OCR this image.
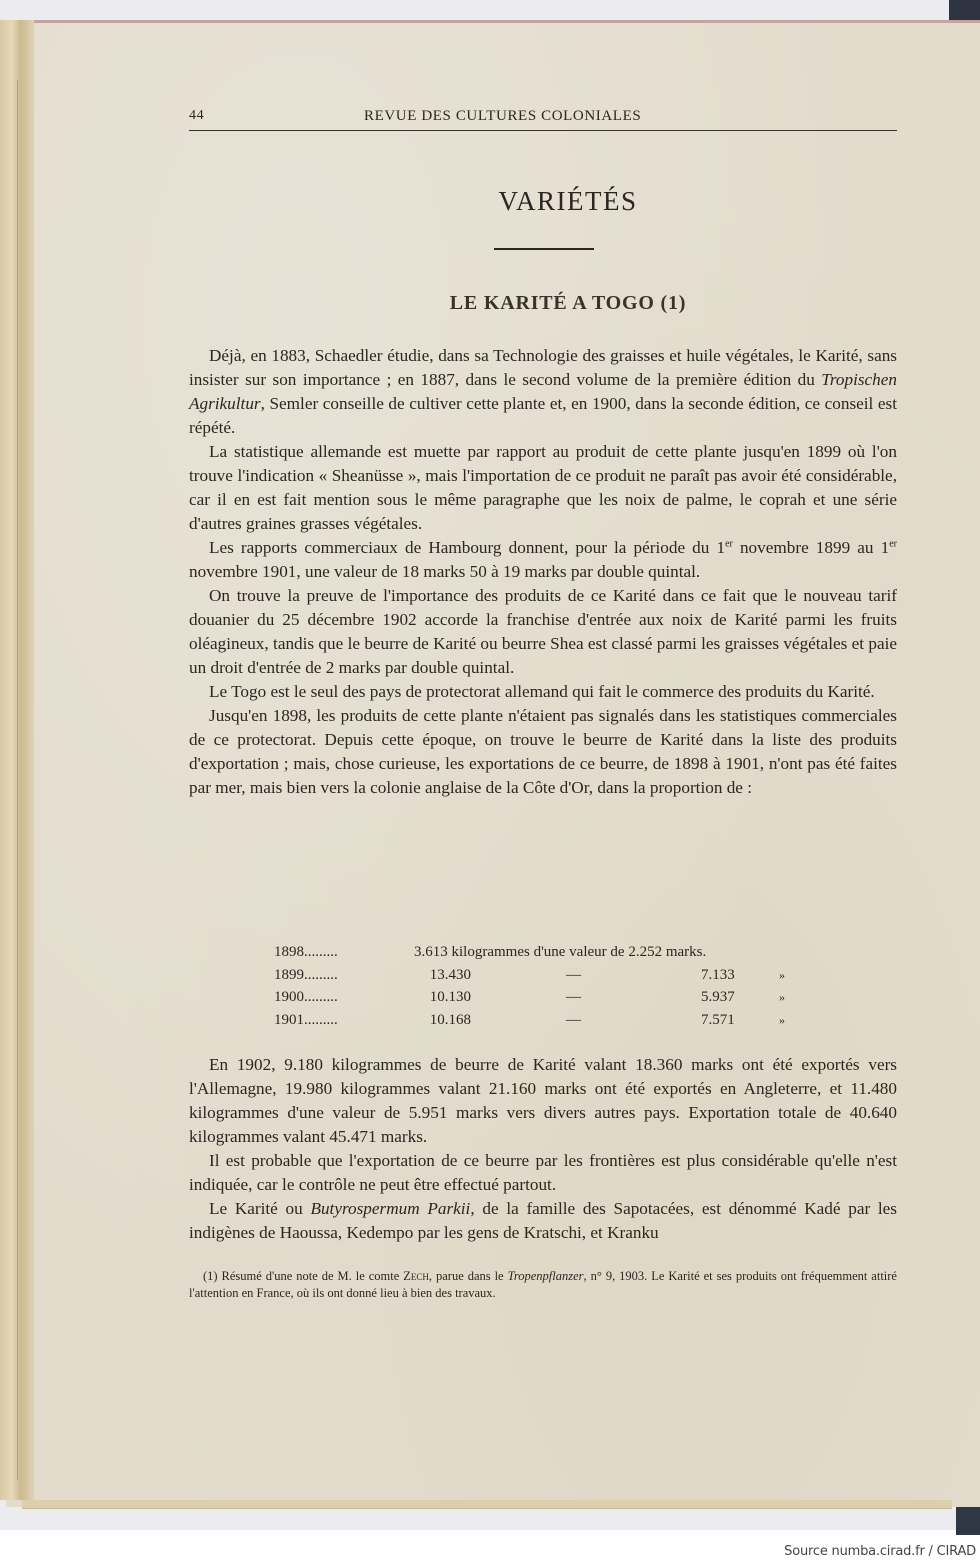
44	REVUE DES CULTURES COLONIALES
VARIÉTÉS
LE KARITÉ A TOGO (1)

Déjà, en 1883, Schaedler étudie, dans sa Technologie des graisses et huile végétales, le Karité, sans insister sur son importance ; en 1887, dans le second volume de la première édition du Tropischen Agrikultur, Semler conseille de cultiver cette plante et, en 1900, dans la seconde édition, ce conseil est répété.

La statistique allemande est muette par rapport au produit de cette plante jusqu'en 1899 où l'on trouve l'indication « Sheanüsse », mais l'importation de ce produit ne paraît pas avoir été considérable, car il en est fait mention sous le même paragraphe que les noix de palme, le coprah et une série d'autres graines grasses végétales.

Les rapports commerciaux de Hambourg donnent, pour la période du 1er novembre 1899 au 1er novembre 1901, une valeur de 18 marks 50 à 19 marks par double quintal.

On trouve la preuve de l'importance des produits de ce Karité dans ce fait que le nouveau tarif douanier du 25 décembre 1902 accorde la franchise d'entrée aux noix de Karité parmi les fruits oléagineux, tandis que le beurre de Karité ou beurre Shea est classé parmi les graisses végétales et paie un droit d'entrée de 2 marks par double quintal.

Le Togo est le seul des pays de protectorat allemand qui fait le commerce des produits du Karité.

Jusqu'en 1898, les produits de cette plante n'étaient pas signalés dans les statistiques commerciales de ce protectorat. Depuis cette époque, on trouve le beurre de Karité dans la liste des produits d'exportation ; mais, chose curieuse, les exportations de ce beurre, de 1898 à 1901, n'ont pas été faites par mer, mais bien vers la colonie anglaise de la Côte d'Or, dans la proportion de :

1898.........	3.613 kilogrammes d'une valeur de 2.252 marks.
1899.........	13.430	—	7.133	»
1900.........	10.130	—	5.937	»
1901.........	10.168	—	7.571	»

En 1902, 9.180 kilogrammes de beurre de Karité valant 18.360 marks ont été exportés vers l'Allemagne, 19.980 kilogrammes valant 21.160 marks ont été exportés en Angleterre, et 11.480 kilogrammes d'une valeur de 5.951 marks vers divers autres pays. Exportation totale de 40.640 kilogrammes valant 45.471 marks.

Il est probable que l'exportation de ce beurre par les frontières est plus considérable qu'elle n'est indiquée, car le contrôle ne peut être effectué partout.

Le Karité ou Butyrospermum Parkii, de la famille des Sapotacées, est dénommé Kadé par les indigènes de Haoussa, Kedempo par les gens de Kratschi, et Kranku

(1) Résumé d'une note de M. le comte Zech, parue dans le Tropenpflanzer, n° 9, 1903. Le Karité et ses produits ont fréquemment attiré l'attention en France, où ils ont donné lieu à bien des travaux.

Source numba.cirad.fr / CIRAD
